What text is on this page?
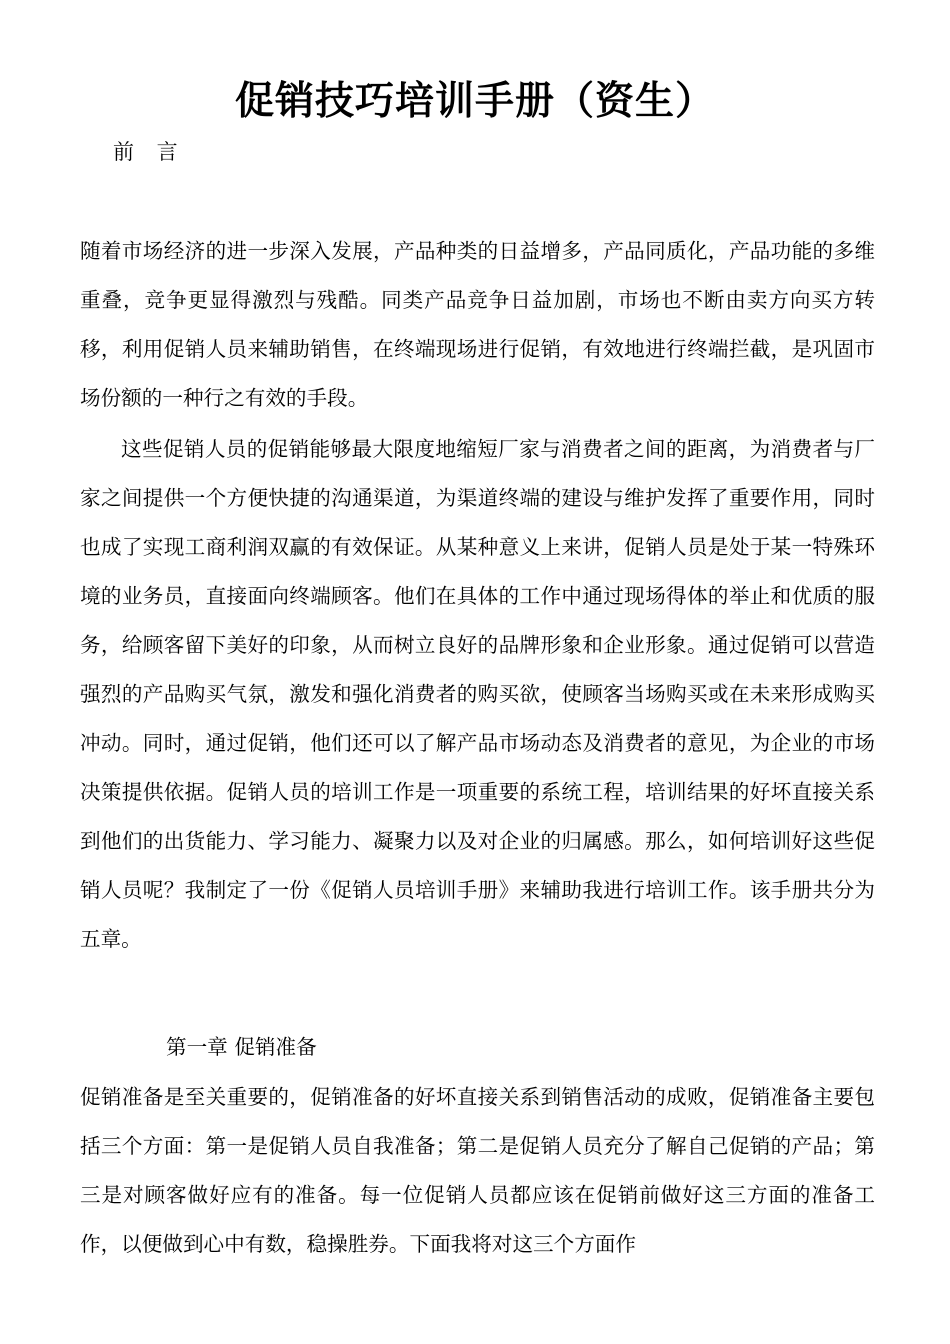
促销技巧培训手册（资生）
前 言

随着市场经济的进一步深入发展，产品种类的日益增多，产品同质化，产品功能的多维重叠，竞争更显得激烈与残酷。同类产品竞争日益加剧，市场也不断由卖方向买方转移，利用促销人员来辅助销售，在终端现场进行促销，有效地进行终端拦截，是巩固市场份额的一种行之有效的手段。

这些促销人员的促销能够最大限度地缩短厂家与消费者之间的距离，为消费者与厂家之间提供一个方便快捷的沟通渠道，为渠道终端的建设与维护发挥了重要作用，同时也成了实现工商利润双赢的有效保证。从某种意义上来讲，促销人员是处于某一特殊环境的业务员，直接面向终端顾客。他们在具体的工作中通过现场得体的举止和优质的服务，给顾客留下美好的印象，从而树立良好的品牌形象和企业形象。通过促销可以营造强烈的产品购买气氛，激发和强化消费者的购买欲，使顾客当场购买或在未来形成购买冲动。同时，通过促销，他们还可以了解产品市场动态及消费者的意见，为企业的市场决策提供依据。促销人员的培训工作是一项重要的系统工程，培训结果的好坏直接关系到他们的出货能力、学习能力、凝聚力以及对企业的归属感。那么，如何培训好这些促销人员呢？我制定了一份《促销人员培训手册》来辅助我进行培训工作。该手册共分为五章。

第一章 促销准备

促销准备是至关重要的，促销准备的好坏直接关系到销售活动的成败，促销准备主要包括三个方面：第一是促销人员自我准备；第二是促销人员充分了解自己促销的产品；第三是对顾客做好应有的准备。每一位促销人员都应该在促销前做好这三方面的准备工作，以便做到心中有数，稳操胜券。下面我将对这三个方面作
